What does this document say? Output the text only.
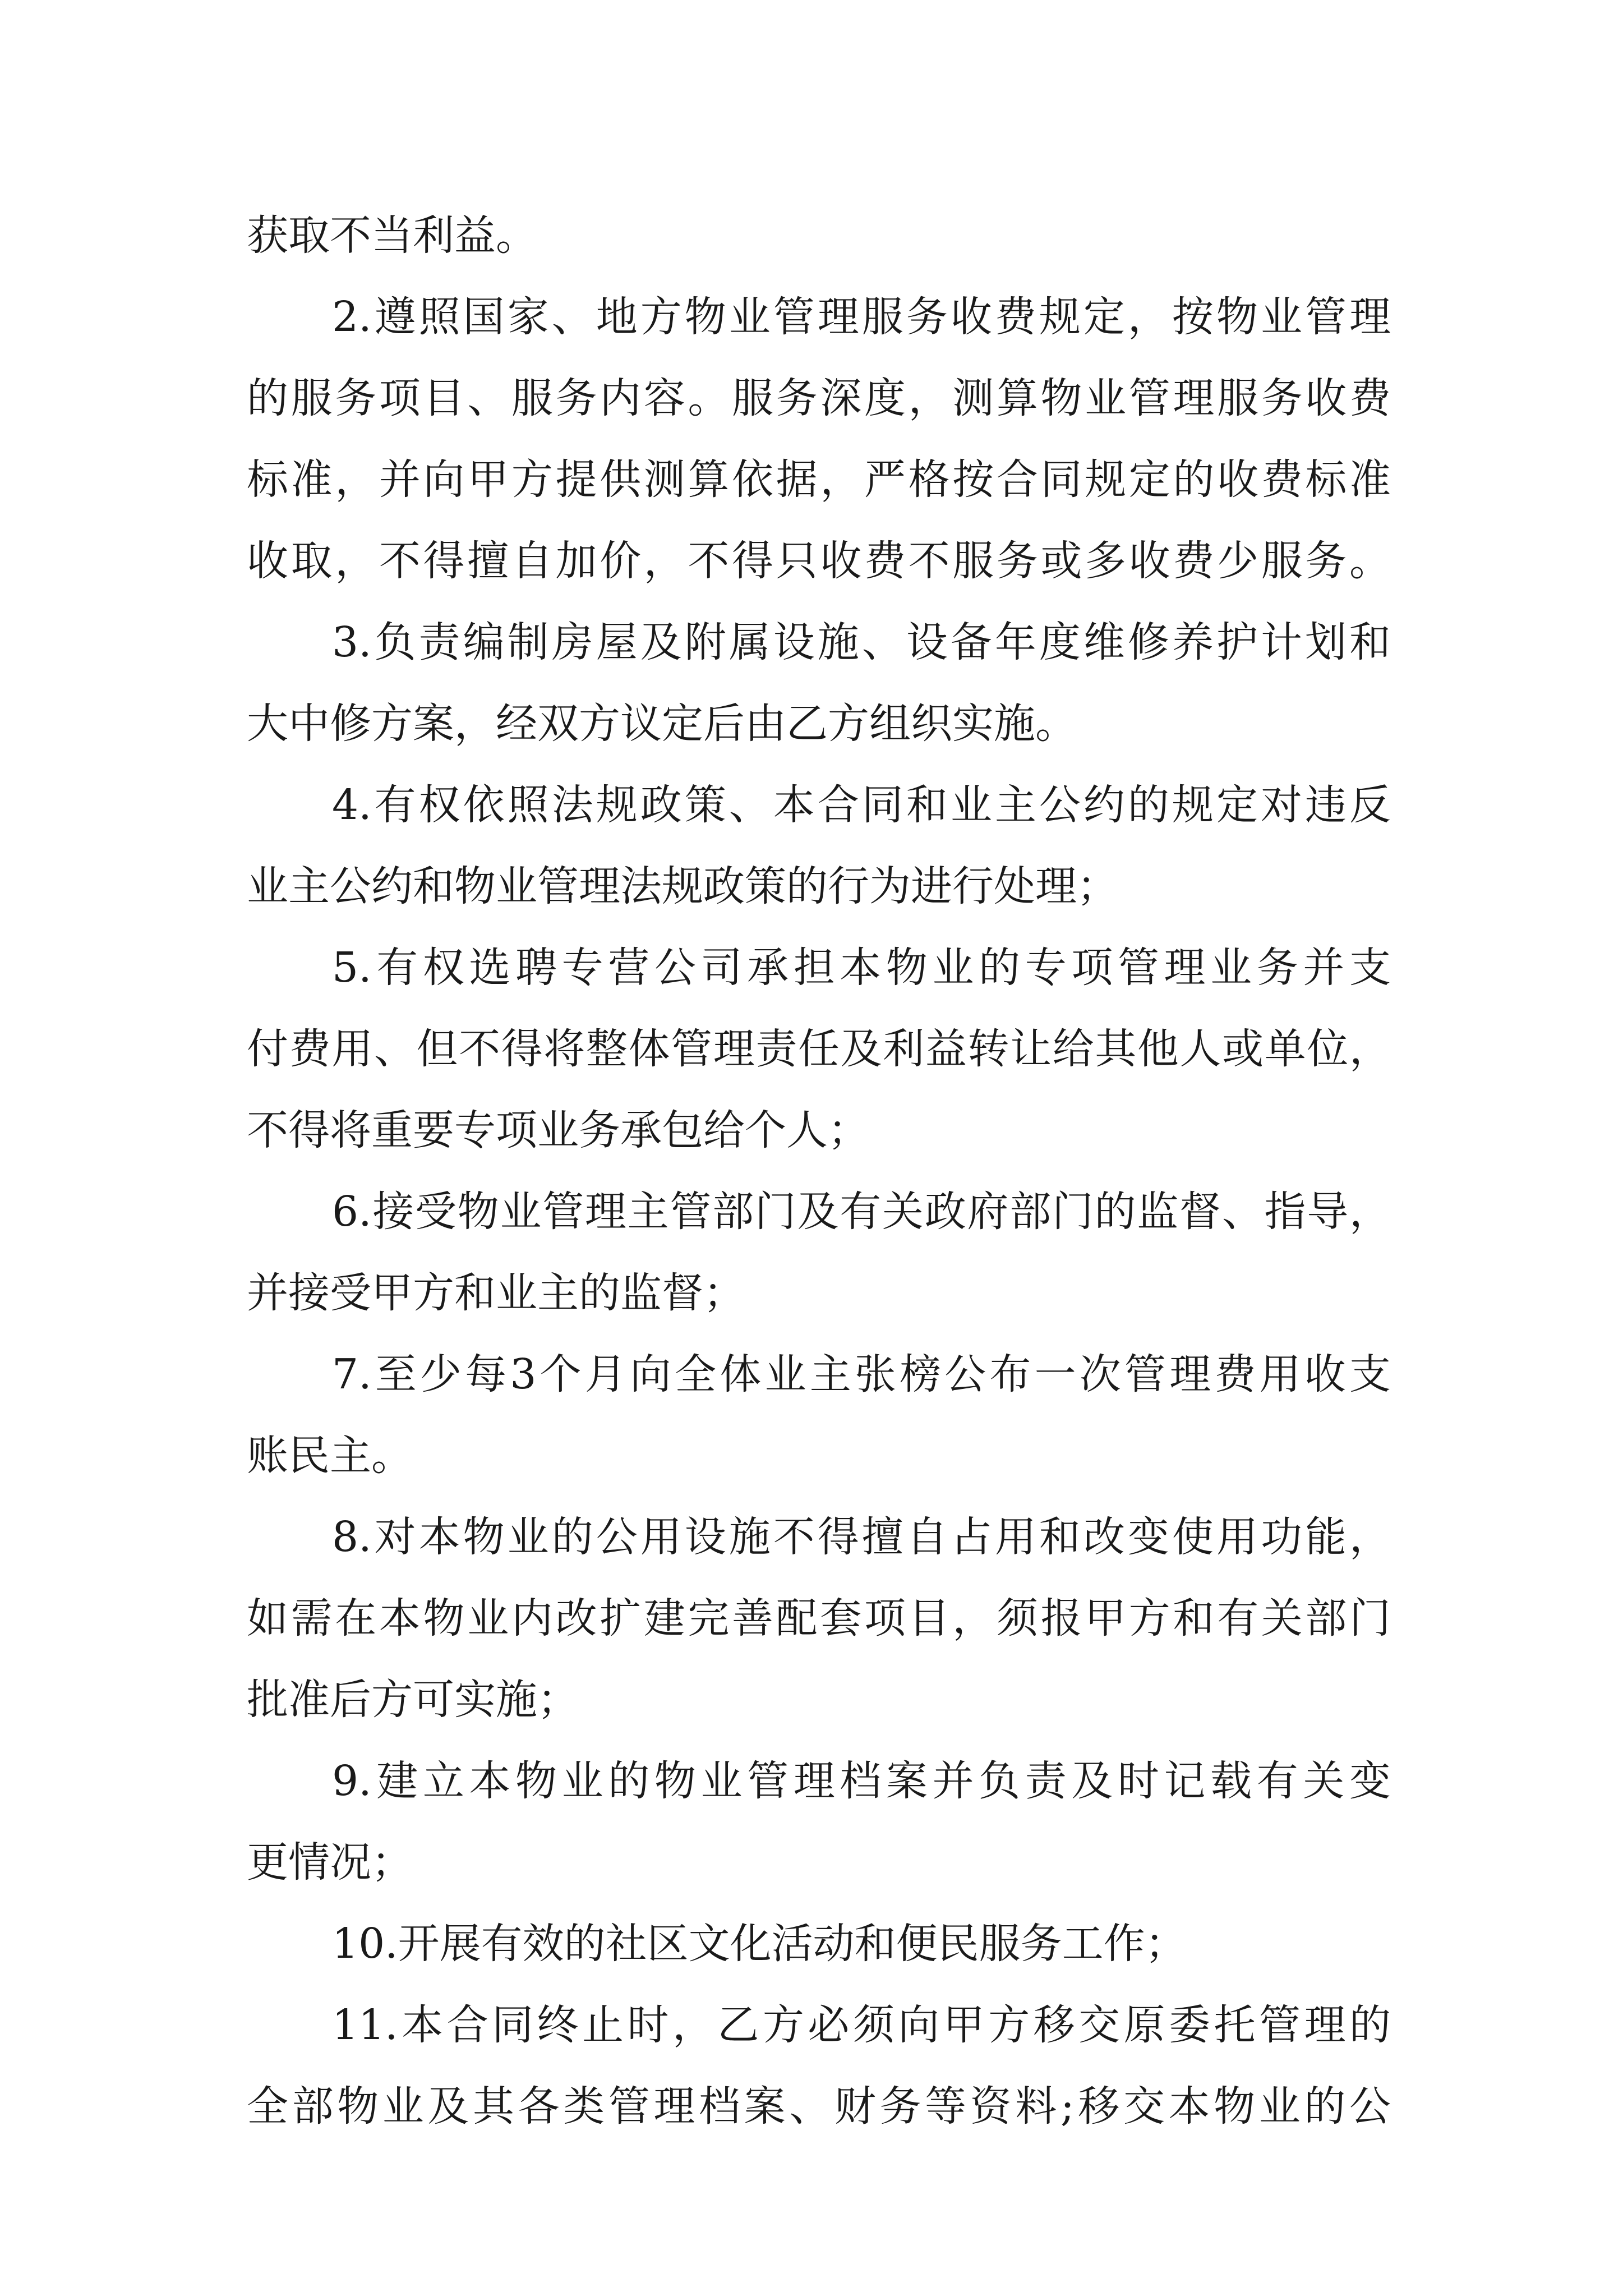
获取不当利益。
2.遵照国家、地方物业管理服务收费规定，按物业管理
的服务项目、服务内容。服务深度，测算物业管理服务收费
标准，并向甲方提供测算依据，严格按合同规定的收费标准
收取，不得擅自加价，不得只收费不服务或多收费少服务。
3.负责编制房屋及附属设施、设备年度维修养护计划和
大中修方案，经双方议定后由乙方组织实施。
4.有权依照法规政策、本合同和业主公约的规定对违反
业主公约和物业管理法规政策的行为进行处理；
5.有权选聘专营公司承担本物业的专项管理业务并支
付费用、但不得将整体管理责任及利益转让给其他人或单位，
不得将重要专项业务承包给个人；
6.接受物业管理主管部门及有关政府部门的监督、指导，
并接受甲方和业主的监督；
7.至少每3个月向全体业主张榜公布一次管理费用收支
账民主。
8.对本物业的公用设施不得擅自占用和改变使用功能，
如需在本物业内改扩建完善配套项目，须报甲方和有关部门
批准后方可实施；
9.建立本物业的物业管理档案并负责及时记载有关变
更情况；
10.开展有效的社区文化活动和便民服务工作；
11.本合同终止时，乙方必须向甲方移交原委托管理的
全部物业及其各类管理档案、财务等资料;移交本物业的公
